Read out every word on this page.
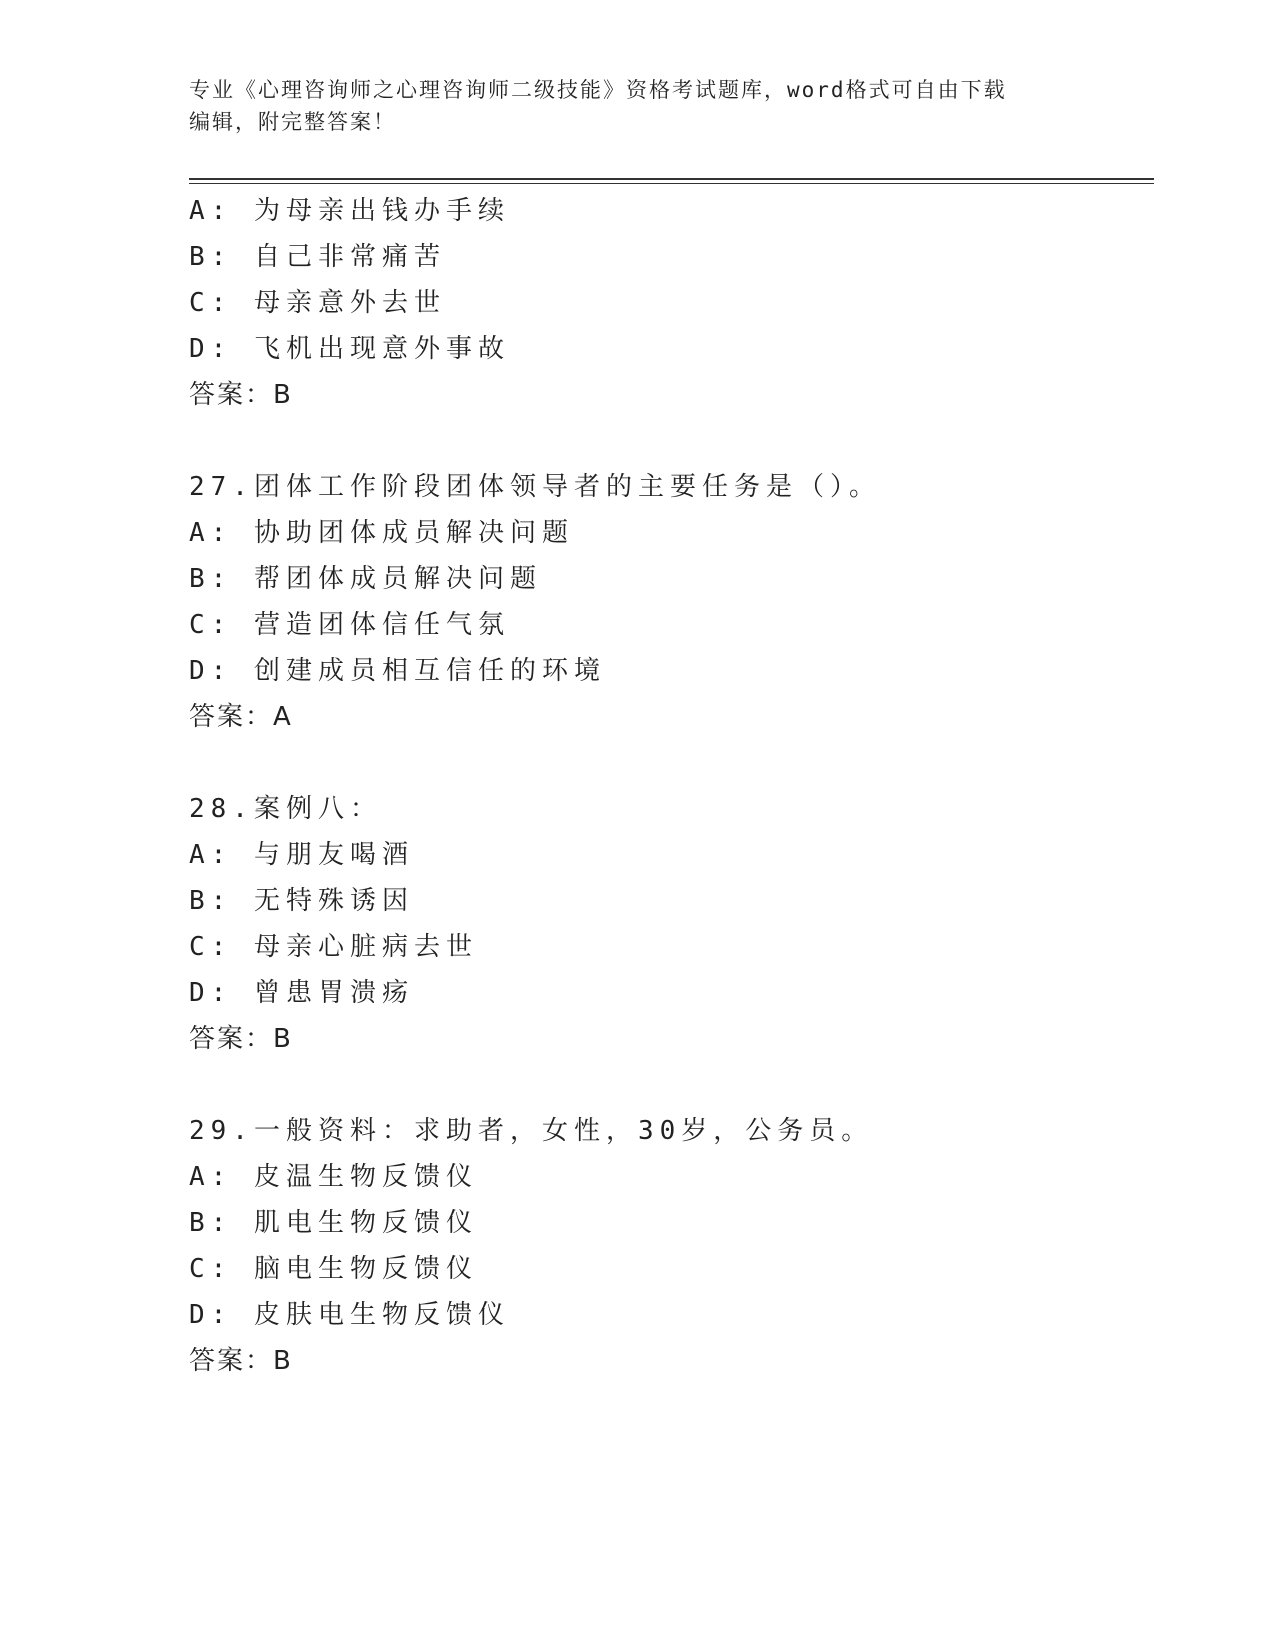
专业《心理咨询师之心理咨询师二级技能》资格考试题库，word格式可自由下载
编辑，附完整答案！
A: 为母亲出钱办手续
B: 自己非常痛苦
C: 母亲意外去世
D: 飞机出现意外事故
答案：B
27.团体工作阶段团体领导者的主要任务是（）。
A: 协助团体成员解决问题
B: 帮团体成员解决问题
C: 营造团体信任气氛
D: 创建成员相互信任的环境
答案：A
28.案例八：
A: 与朋友喝酒
B: 无特殊诱因
C: 母亲心脏病去世
D: 曾患胃溃疡
答案：B
29.一般资料：求助者，女性，30岁，公务员。
A: 皮温生物反馈仪
B: 肌电生物反馈仪
C: 脑电生物反馈仪
D: 皮肤电生物反馈仪
答案：B
